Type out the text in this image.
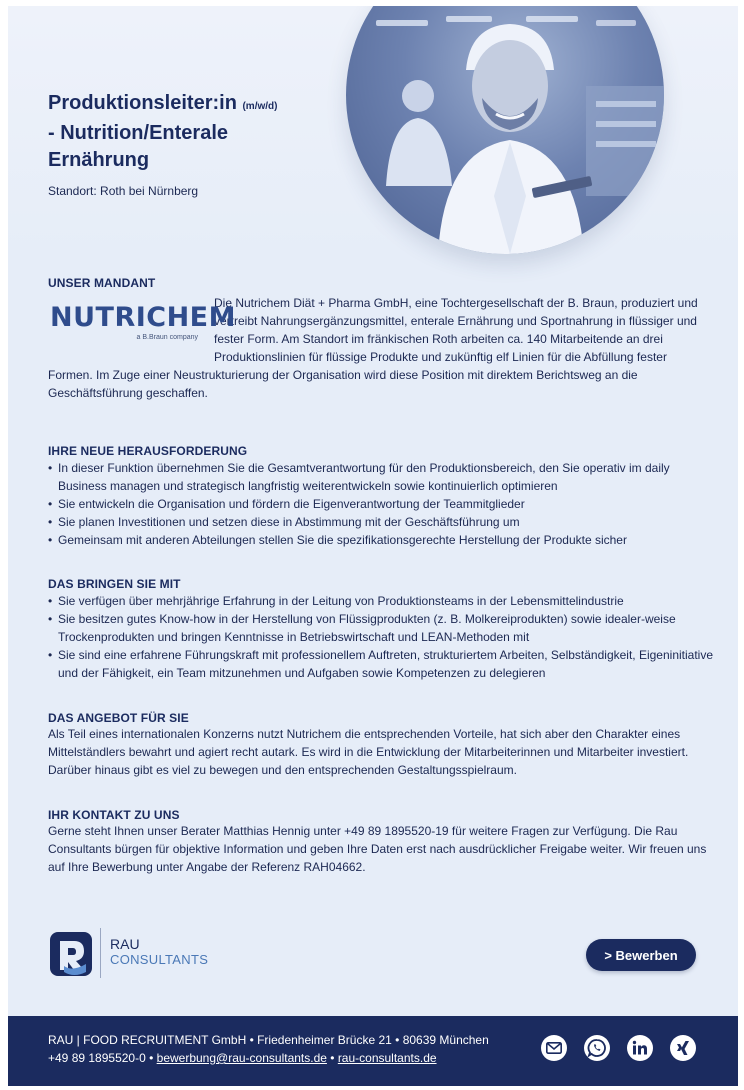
Produktionsleiter:in (m/w/d)
- Nutrition/Enterale
Ernährung
Standort: Roth bei Nürnberg
UNSER MANDANT
NUTRICHEM
a B.Braun company

Die Nutrichem Diät + Pharma GmbH, eine Tochtergesellschaft der B. Braun, produziert und vertreibt Nahrungsergänzungsmittel, enterale Ernährung und Sportnahrung in flüssiger und fester Form. Am Standort im fränkischen Roth arbeiten ca. 140 Mitarbeitende an drei Produktionslinien für flüssige Produkte und zukünftig elf Linien für die Abfüllung fester Formen. Im Zuge einer Neustrukturierung der Organisation wird diese Position mit direktem Berichtsweg an die Geschäftsführung geschaffen.

IHRE NEUE HERAUSFORDERUNG
• In dieser Funktion übernehmen Sie die Gesamtverantwortung für den Produktionsbereich, den Sie operativ im daily Business managen und strategisch langfristig weiterentwickeln sowie kontinuierlich optimieren
• Sie entwickeln die Organisation und fördern die Eigenverantwortung der Teammitglieder
• Sie planen Investitionen und setzen diese in Abstimmung mit der Geschäftsführung um
• Gemeinsam mit anderen Abteilungen stellen Sie die spezifikationsgerechte Herstellung der Produkte sicher
DAS BRINGEN SIE MIT
• Sie verfügen über mehrjährige Erfahrung in der Leitung von Produktionsteams in der Lebensmittelindustrie
• Sie besitzen gutes Know-how in der Herstellung von Flüssigprodukten (z. B. Molkereiprodukten) sowie idealer-weise Trockenprodukten und bringen Kenntnisse in Betriebswirtschaft und LEAN-Methoden mit
• Sie sind eine erfahrene Führungskraft mit professionellem Auftreten, strukturiertem Arbeiten, Selbständigkeit, Eigeninitiative und der Fähigkeit, ein Team mitzunehmen und Aufgaben sowie Kompetenzen zu delegieren
DAS ANGEBOT FÜR SIE

Als Teil eines internationalen Konzerns nutzt Nutrichem die entsprechenden Vorteile, hat sich aber den Charakter eines Mittelständlers bewahrt und agiert recht autark. Es wird in die Entwicklung der Mitarbeiterinnen und Mitarbeiter investiert. Darüber hinaus gibt es viel zu bewegen und den entsprechenden Gestaltungsspielraum.

IHR KONTAKT ZU UNS

Gerne steht Ihnen unser Berater Matthias Hennig unter +49 89 1895520-19 für weitere Fragen zur Verfügung. Die Rau Consultants bürgen für objektive Information und geben Ihre Daten erst nach ausdrücklicher Freigabe weiter. Wir freuen uns auf Ihre Bewerbung unter Angabe der Referenz RAH04662.

RAU
CONSULTANTS	> Bewerben
RAU | FOOD RECRUITMENT GmbH • Friedenheimer Brücke 21 • 80639 München
+49 89 1895520-0 • bewerbung@rau-consultants.de • rau-consultants.de
